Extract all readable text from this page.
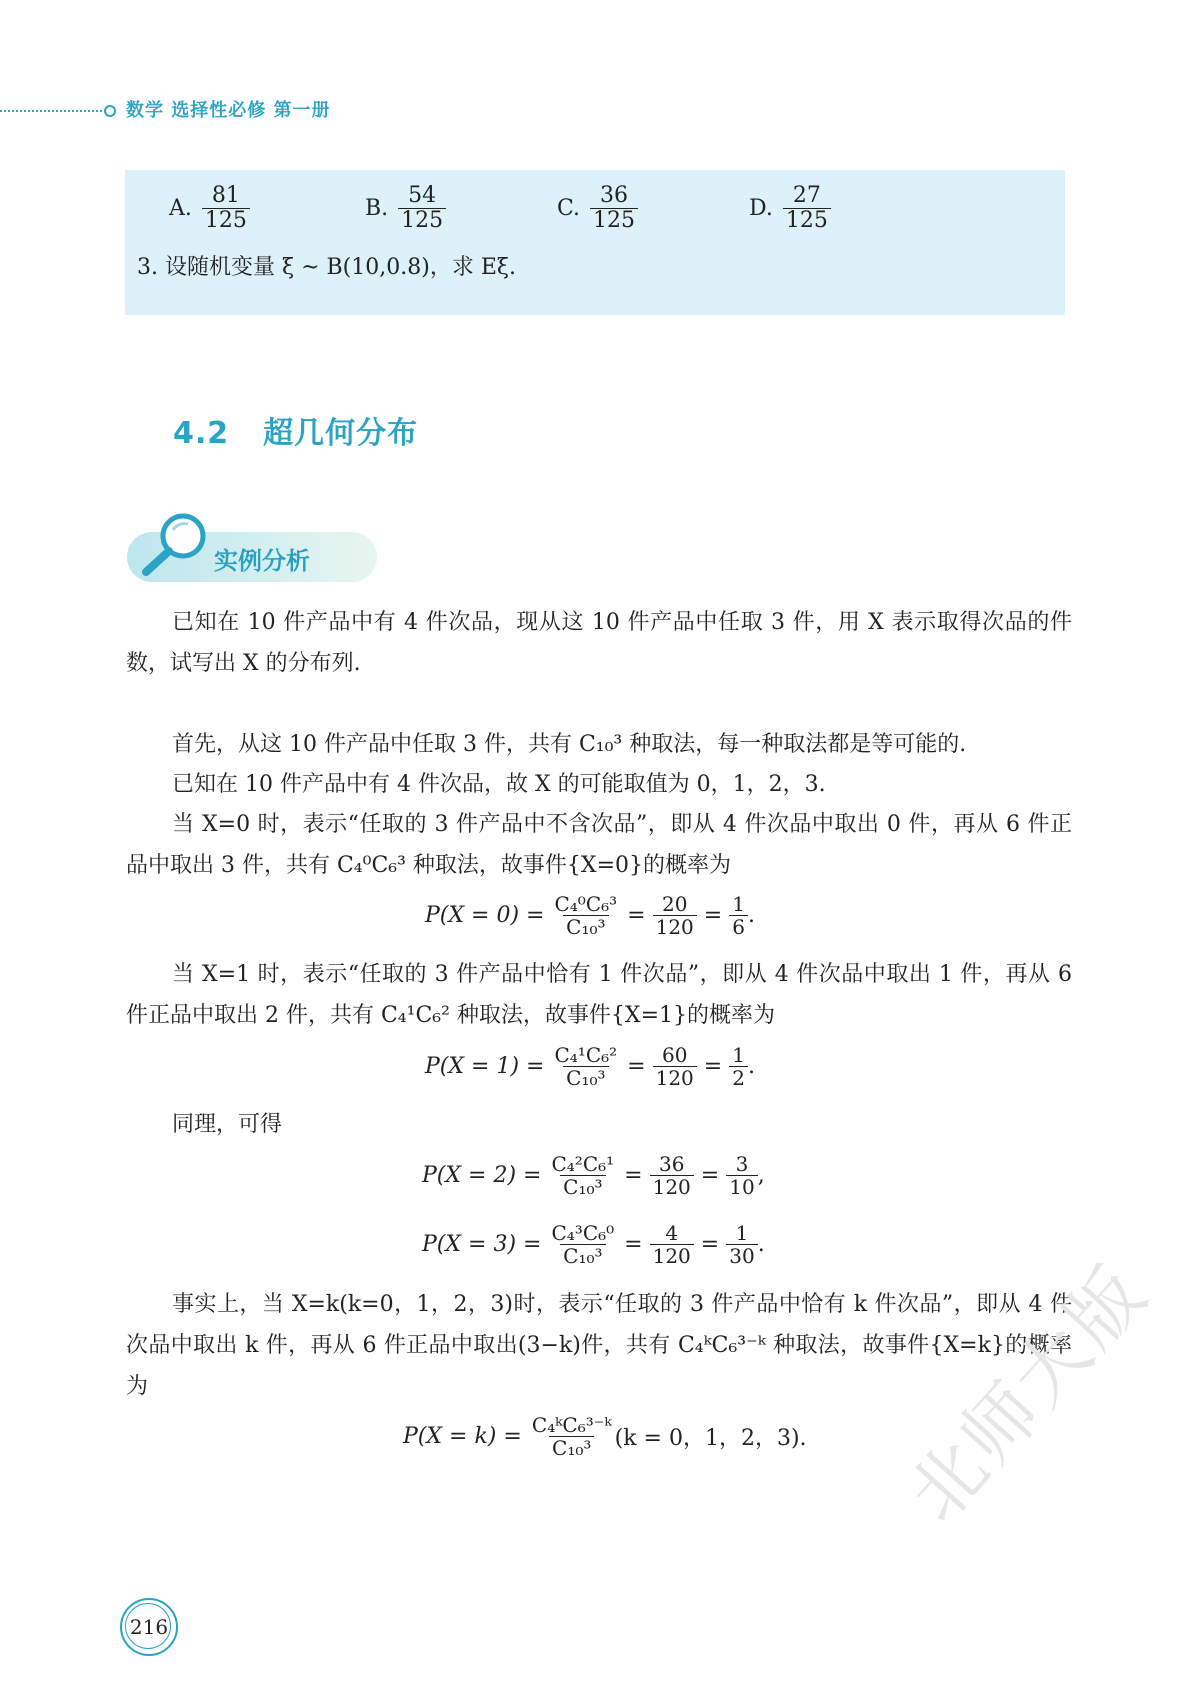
数学 选择性必修 第一册
A. $\frac{81}{125}$	B. $\frac{54}{125}$	C. $\frac{36}{125}$	D. $\frac{27}{125}$
3. 设随机变量 ξ ~ B(10,0.8)，求 Eξ.
4.2 超几何分布
实例分析
已知在 10 件产品中有 4 件次品，现从这 10 件产品中任取 3 件，用 X 表示取得次品的件数，试写出 X 的分布列.
首先，从这 10 件产品中任取 3 件，共有 C₁₀³ 种取法，每一种取法都是等可能的.
已知在 10 件产品中有 4 件次品，故 X 的可能取值为 0，1，2，3.
当 X=0 时，表示“任取的 3 件产品中不含次品”，即从 4 件次品中取出 0 件，再从 6 件正品中取出 3 件，共有 C₄⁰C₆³ 种取法，故事件{X=0}的概率为
P(X = 0) =
$\frac{\text{C₄⁰C₆³}}{\text{C₁₀³}}$
=
$\frac{20}{120}$
=
$\frac{1}{6}$ .
当 X=1 时，表示“任取的 3 件产品中恰有 1 件次品”，即从 4 件次品中取出 1 件，再从 6 件正品中取出 2 件，共有 C₄¹C₆² 种取法，故事件{X=1}的概率为
P(X = 1) =
$\frac{\text{C₄¹C₆²}}{\text{C₁₀³}}$
=
$\frac{60}{120}$
=
$\frac{1}{2}$ .
同理，可得
P(X = 2) =
$\frac{\text{C₄²C₆¹}}{\text{C₁₀³}}$
=
$\frac{36}{120}$
=
$\frac{3}{10}$ ,
P(X = 3) =
$\frac{\text{C₄³C₆⁰}}{\text{C₁₀³}}$
=
$\frac{4}{120}$
=
$\frac{1}{30}$ .
事实上，当 X=k(k=0，1，2，3)时，表示“任取的 3 件产品中恰有 k 件次品”，即从 4 件次品中取出 k 件，再从 6 件正品中取出(3−k)件，共有 C₄ᵏC₆³⁻ᵏ 种取法，故事件{X=k}的概率为
P(X = k) =
$\frac{\text{C₄ᵏC₆³⁻ᵏ}}{\text{C₁₀³}} (k = 0$，1，2，3).
216
北师大版
